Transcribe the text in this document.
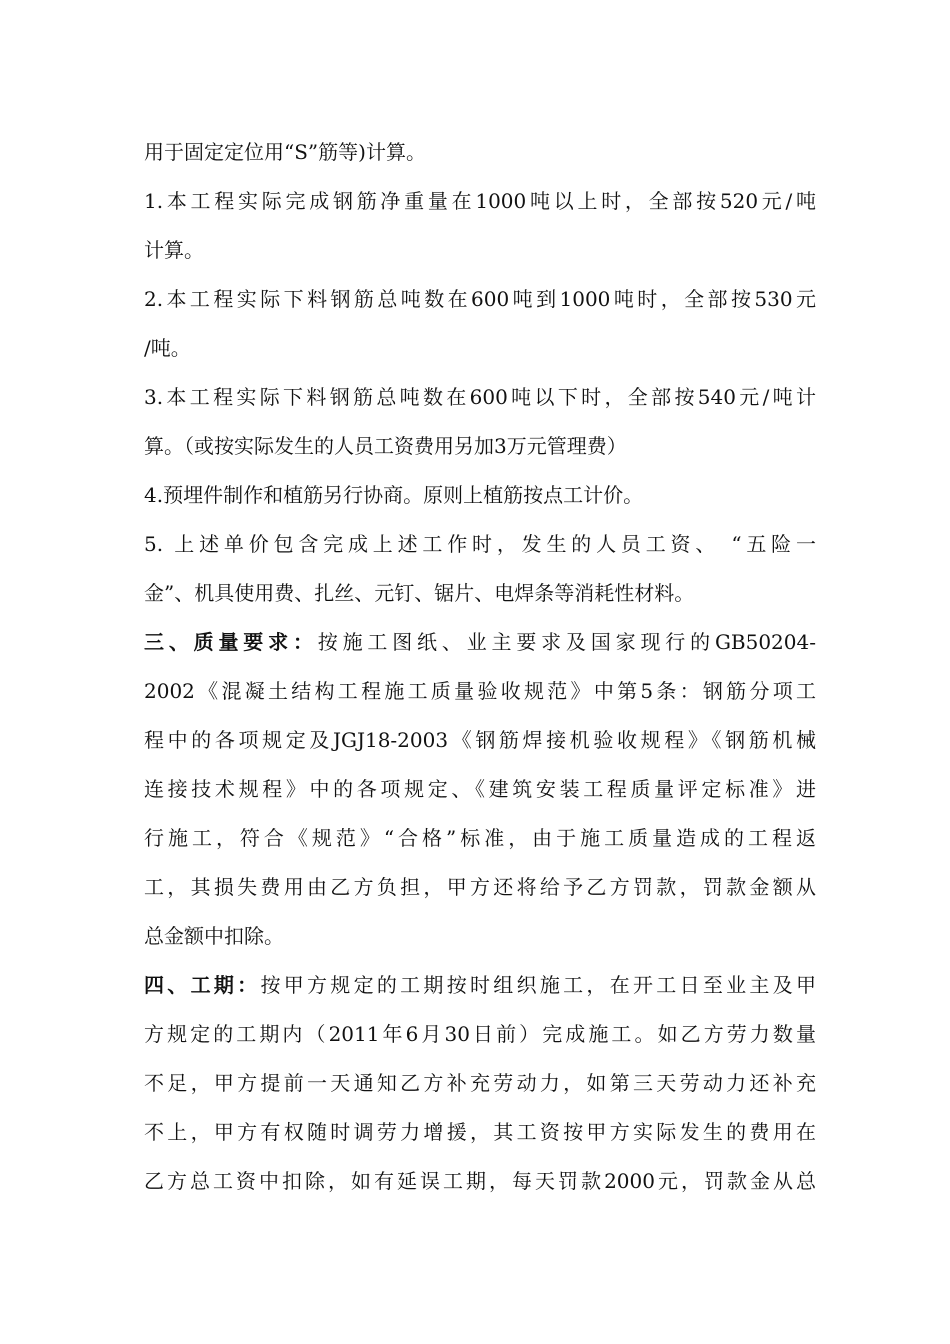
用于固定定位用“S”筋等)计算。
1.本工程实际完成钢筋净重量在1000吨以上时，全部按520元/吨
计算。
2.本工程实际下料钢筋总吨数在600吨到1000吨时，全部按530元
/吨。
3.本工程实际下料钢筋总吨数在600吨以下时，全部按540元/吨计
算。（或按实际发生的人员工资费用另加3万元管理费）
4.预埋件制作和植筋另行协商。原则上植筋按点工计价。
5. 上述单价包含完成上述工作时，发生的人员工资、 “五险一
金”、机具使用费、扎丝、元钉、锯片、电焊条等消耗性材料。
三、质量要求：按施工图纸、业主要求及国家现行的GB50204-
2002《混凝土结构工程施工质量验收规范》中第5条：钢筋分项工
程中的各项规定及JGJ18-2003《钢筋焊接机验收规程》《钢筋机械
连接技术规程》中的各项规定、《建筑安装工程质量评定标准》进
行施工，符合《规范》“合格”标准，由于施工质量造成的工程返
工，其损失费用由乙方负担，甲方还将给予乙方罚款，罚款金额从
总金额中扣除。
四、工期：按甲方规定的工期按时组织施工，在开工日至业主及甲
方规定的工期内（2011年6月30日前）完成施工。如乙方劳力数量
不足，甲方提前一天通知乙方补充劳动力，如第三天劳动力还补充
不上，甲方有权随时调劳力增援，其工资按甲方实际发生的费用在
乙方总工资中扣除，如有延误工期，每天罚款2000元，罚款金从总
